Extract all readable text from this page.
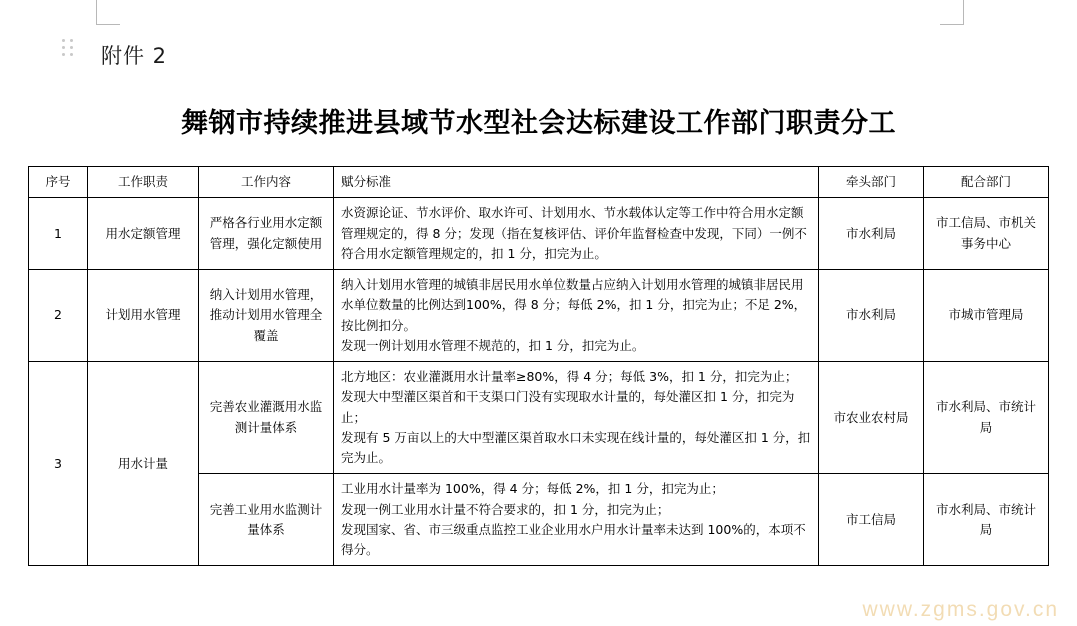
附件 2
舞钢市持续推进县域节水型社会达标建设工作部门职责分工
序号	工作职责	工作内容	赋分标准	牵头部门	配合部门
1	用水定额管理	严格各行业用水定额管理，强化定额使用	水资源论证、节水评价、取水许可、计划用水、节水载体认定等工作中符合用水定额管理规定的，得 8 分；发现（指在复核评估、评价年监督检查中发现，下同）一例不符合用水定额管理规定的，扣 1 分，扣完为止。	市水利局	市工信局、市机关事务中心
2	计划用水管理	纳入计划用水管理，推动计划用水管理全覆盖	纳入计划用水管理的城镇非居民用水单位数量占应纳入计划用水管理的城镇非居民用水单位数量的比例达到100%，得 8 分；每低 2%，扣 1 分，扣完为止；不足 2%，按比例扣分。

发现一例计划用水管理不规范的，扣 1 分，扣完为止。	市水利局	市城市管理局
3	用水计量	完善农业灌溉用水监测计量体系	北方地区：农业灌溉用水计量率≥80%，得 4 分；每低 3%，扣 1 分，扣完为止；

发现大中型灌区渠首和干支渠口门没有实现取水计量的，每处灌区扣 1 分，扣完为止；

发现有 5 万亩以上的大中型灌区渠首取水口未实现在线计量的，每处灌区扣 1 分，扣完为止。	市农业农村局	市水利局、市统计局
		完善工业用水监测计量体系	工业用水计量率为 100%，得 4 分；每低 2%，扣 1 分，扣完为止；

发现一例工业用水计量不符合要求的，扣 1 分，扣完为止；

发现国家、省、市三级重点监控工业企业用水户用水计量率未达到 100%的，本项不得分。	市工信局	市水利局、市统计局
www.zgms.gov.cn
